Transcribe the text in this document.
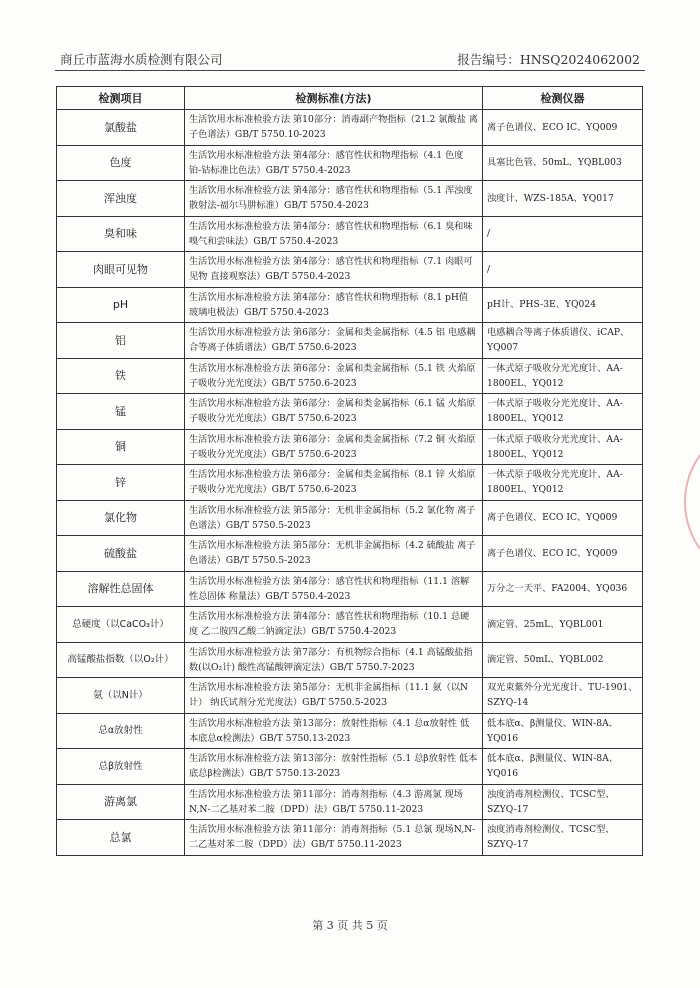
商丘市蓝海水质检测有限公司	报告编号：HNSQ2024062002
检测项目	检测标准(方法)	检测仪器
氯酸盐	生活饮用水标准检验方法 第10部分：消毒副产物指标（21.2 氯酸盐 离子色谱法）GB/T 5750.10-2023	离子色谱仪、ECO IC、YQ009
色度	生活饮用水标准检验方法 第4部分：感官性状和物理指标（4.1 色度 铂-钴标准比色法）GB/T 5750.4-2023	具塞比色管、50mL、YQBL003
浑浊度	生活饮用水标准检验方法 第4部分：感官性状和物理指标（5.1 浑浊度 散射法-福尔马肼标准）GB/T 5750.4-2023	浊度计、WZS-185A、YQ017
臭和味	生活饮用水标准检验方法 第4部分：感官性状和物理指标（6.1 臭和味 嗅气和尝味法）GB/T 5750.4-2023	/
肉眼可见物	生活饮用水标准检验方法 第4部分：感官性状和物理指标（7.1 肉眼可见物 直接观察法）GB/T 5750.4-2023	/
pH	生活饮用水标准检验方法 第4部分：感官性状和物理指标（8.1 pH值 玻璃电极法）GB/T 5750.4-2023	pH计、PHS-3E、YQ024
铝	生活饮用水标准检验方法 第6部分：金属和类金属指标（4.5 铝 电感耦合等离子体质谱法）GB/T 5750.6-2023	电感耦合等离子体质谱仪、iCAP、YQ007
铁	生活饮用水标准检验方法 第6部分：金属和类金属指标（5.1 铁 火焰原子吸收分光光度法）GB/T 5750.6-2023	一体式原子吸收分光光度计、AA-1800EL、YQ012
锰	生活饮用水标准检验方法 第6部分：金属和类金属指标（6.1 锰 火焰原子吸收分光光度法）GB/T 5750.6-2023	一体式原子吸收分光光度计、AA-1800EL、YQ012
铜	生活饮用水标准检验方法 第6部分：金属和类金属指标（7.2 铜 火焰原子吸收分光光度法）GB/T 5750.6-2023	一体式原子吸收分光光度计、AA-1800EL、YQ012
锌	生活饮用水标准检验方法 第6部分：金属和类金属指标（8.1 锌 火焰原子吸收分光光度法）GB/T 5750.6-2023	一体式原子吸收分光光度计、AA-1800EL、YQ012
氯化物	生活饮用水标准检验方法 第5部分：无机非金属指标（5.2 氯化物 离子色谱法）GB/T 5750.5-2023	离子色谱仪、ECO IC、YQ009
硫酸盐	生活饮用水标准检验方法 第5部分：无机非金属指标（4.2 硫酸盐 离子色谱法）GB/T 5750.5-2023	离子色谱仪、ECO IC、YQ009
溶解性总固体	生活饮用水标准检验方法 第4部分：感官性状和物理指标（11.1 溶解性总固体 称量法）GB/T 5750.4-2023	万分之一天平、FA2004、YQ036
总硬度（以CaCO₃计）	生活饮用水标准检验方法 第4部分：感官性状和物理指标（10.1 总硬度 乙二胺四乙酸二钠滴定法）GB/T 5750.4-2023	滴定管、25mL、YQBL001
高锰酸盐指数（以O₂计）	生活饮用水标准检验方法 第7部分：有机物综合指标（4.1 高锰酸盐指数(以O₂计) 酸性高锰酸钾滴定法）GB/T 5750.7-2023	滴定管、50mL、YQBL002
氨（以N计）	生活饮用水标准检验方法 第5部分：无机非金属指标（11.1 氨（以N计） 纳氏试剂分光光度法）GB/T 5750.5-2023	双光束紫外分光光度计、TU-1901、SZYQ-14
总α放射性	生活饮用水标准检验方法 第13部分：放射性指标（4.1 总α放射性 低本底总α检测法）GB/T 5750.13-2023	低本底α、β测量仪、WIN-8A、YQ016
总β放射性	生活饮用水标准检验方法 第13部分：放射性指标（5.1 总β放射性 低本底总β检测法）GB/T 5750.13-2023	低本底α、β测量仪、WIN-8A、YQ016
游离氯	生活饮用水标准检验方法 第11部分：消毒剂指标（4.3 游离氯 现场N,N-二乙基对苯二胺（DPD）法）GB/T 5750.11-2023	浊度消毒剂检测仪、TCSC型、SZYQ-17
总氯	生活饮用水标准检验方法 第11部分：消毒剂指标（5.1 总氯 现场N,N-二乙基对苯二胺（DPD）法）GB/T 5750.11-2023	浊度消毒剂检测仪、TCSC型、SZYQ-17
第 3 页 共 5 页
